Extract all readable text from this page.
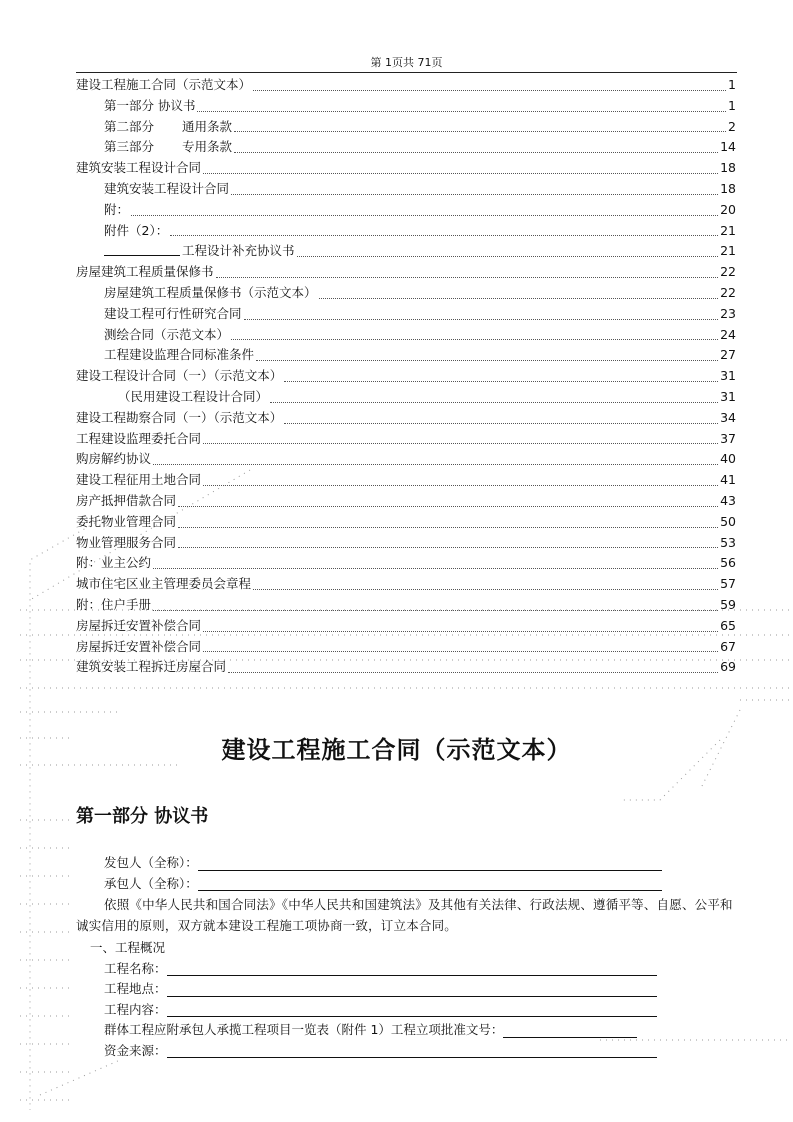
第 1页共 71页
建设工程施工合同（示范文本）	1
第一部分 协议书	1
第二部分 通用条款	2
第三部分 专用条款	14
建筑安装工程设计合同	18
建筑安装工程设计合同	18
附：	20
附件（2）：	21
工程设计补充协议书	21
房屋建筑工程质量保修书	22
房屋建筑工程质量保修书（示范文本）	22
建设工程可行性研究合同	23
测绘合同（示范文本）	24
工程建设监理合同标准条件	27
建设工程设计合同（一）（示范文本）	31
（民用建设工程设计合同）	31
建设工程勘察合同（一）（示范文本）	34
工程建设监理委托合同	37
购房解约协议	40
建设工程征用土地合同	41
房产抵押借款合同	43
委托物业管理合同	50
物业管理服务合同	53
附：业主公约	56
城市住宅区业主管理委员会章程	57
附：住户手册	59
房屋拆迁安置补偿合同	65
房屋拆迁安置补偿合同	67
建筑安装工程拆迁房屋合同	69
建设工程施工合同（示范文本）
第一部分 协议书
发包人（全称）：
承包人（全称）：
依照《中华人民共和国合同法》《中华人民共和国建筑法》及其他有关法律、行政法规、遵循平等、自愿、公平和诚实信用的原则，双方就本建设工程施工项协商一致，订立本合同。
一、工程概况
工程名称：
工程地点：
工程内容：
群体工程应附承包人承揽工程项目一览表（附件 1）工程立项批准文号：
资金来源：
